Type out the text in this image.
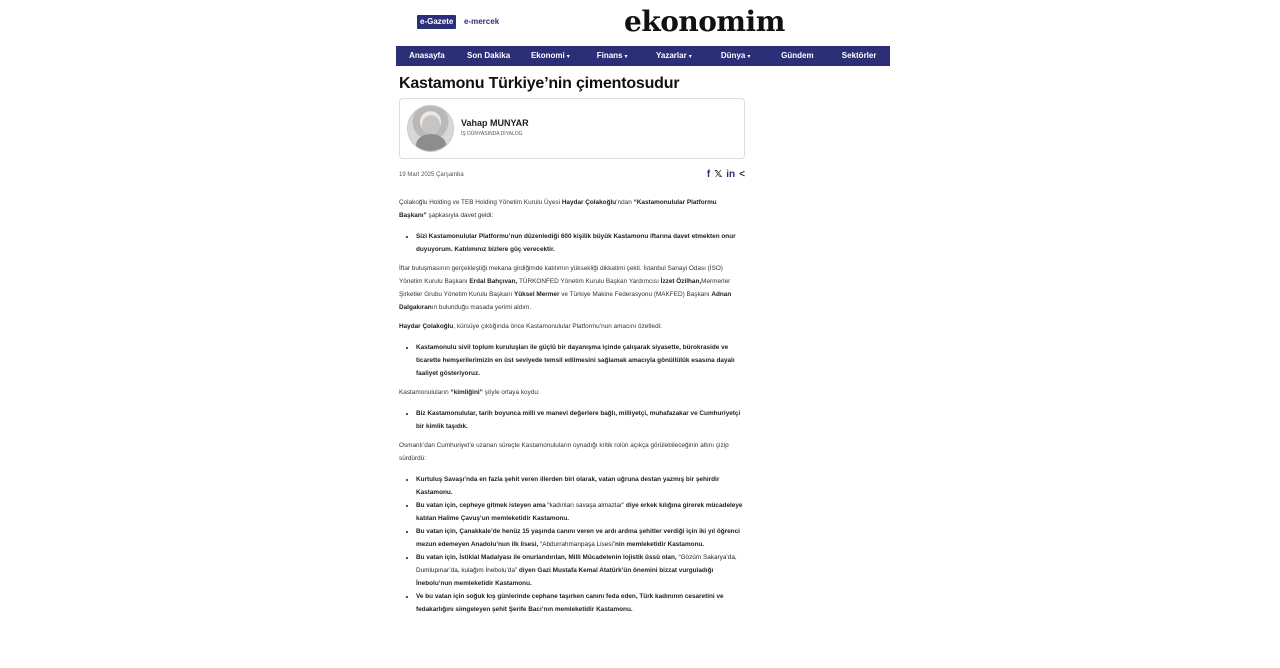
e-Gazete	e-mercek	ekonomim
Anasayfa	Son Dakika	Ekonomi ▾	Finans ▾	Yazarlar ▾	Dünya ▾	Gündem	Sektörler
Kastamonu Türkiye’nin çimentosudur
Vahap MUNYAR
İŞ DÜNYASINDA DIYALOG
19 Mart 2025 Çarşamba	f 𝕏 in <

Çolakoğlu Holding ve TEB Holding Yönetim Kurulu Üyesi Haydar Çolakoğlu’ndan “Kastamonulular Platformu Başkanı” şapkasıyla davet geldi:

• Sizi Kastamonulular Platformu’nun düzenlediği 600 kişilik büyük Kastamonu iftarına davet etmekten onur duyuyorum. Katılımınız bizlere güç verecektir.

İftar buluşmasının gerçekleştiği mekana girdiğimde katılımın yüksekliği dikkatimi çekti. İstanbul Sanayi Odası (İSO) Yönetim Kurulu Başkanı Erdal Bahçıvan, TÜRKONFED Yönetim Kurulu Başkan Yardımcısı İzzet Özilhan,Mermerler Şirketler Grubu Yönetim Kurulu Başkanı Yüksel Mermer ve Türkiye Makine Federasyonu (MAKFED) Başkanı Adnan Dalgakıranın bulunduğu masada yerimi aldım.

Haydar Çolakoğlu, kürsüye çıktığında önce Kastamonulular Platformu’nun amacını özetledi:

• Kastamonulu sivil toplum kuruluşları ile güçlü bir dayanışma içinde çalışarak siyasette, bürokraside ve ticarette hemşerilerimizin en üst seviyede temsil edilmesini sağlamak amacıyla gönüllülük esasına dayalı faaliyet gösteriyoruz.

Kastamonuluların “kimliğini” şöyle ortaya koydu:

• Biz Kastamonulular, tarih boyunca milli ve manevi değerlere bağlı, milliyetçi, muhafazakar ve Cumhuriyetçi bir kimlik taşıdık.

Osmanlı’dan Cumhuriyet’e uzanan süreçte Kastamonuluların oynadığı kritik rolün açıkça görülebileceğinin altını çizip sürdürdü:

• Kurtuluş Savaşı’nda en fazla şehit veren illerden biri olarak, vatan uğruna destan yazmış bir şehirdir Kastamonu.
• Bu vatan için, cepheye gitmek isteyen ama “kadınları savaşa almazlar” diye erkek kılığına girerek mücadeleye katılan Halime Çavuş’un memleketidir Kastamonu.
• Bu vatan için, Çanakkale’de henüz 15 yaşında canını veren ve ardı ardına şehitler verdiği için iki yıl öğrenci mezun edemeyen Anadolu’nun ilk lisesi, “Abdurrahmanpaşa Lisesi”nin memleketidir Kastamonu.
• Bu vatan için, İstiklal Madalyası ile onurlandırılan, Milli Mücadelenin lojistik üssü olan, “Gözüm Sakarya’da, Dumlupınar’da, kulağım İnebolu’da” diyen Gazi Mustafa Kemal Atatürk’ün önemini bizzat vurguladığı İnebolu’nun memleketidir Kastamonu.
• Ve bu vatan için soğuk kış günlerinde cephane taşırken canını feda eden, Türk kadınının cesaretini ve fedakarlığını simgeleyen şehit Şerife Bacı’nın memleketidir Kastamonu.
